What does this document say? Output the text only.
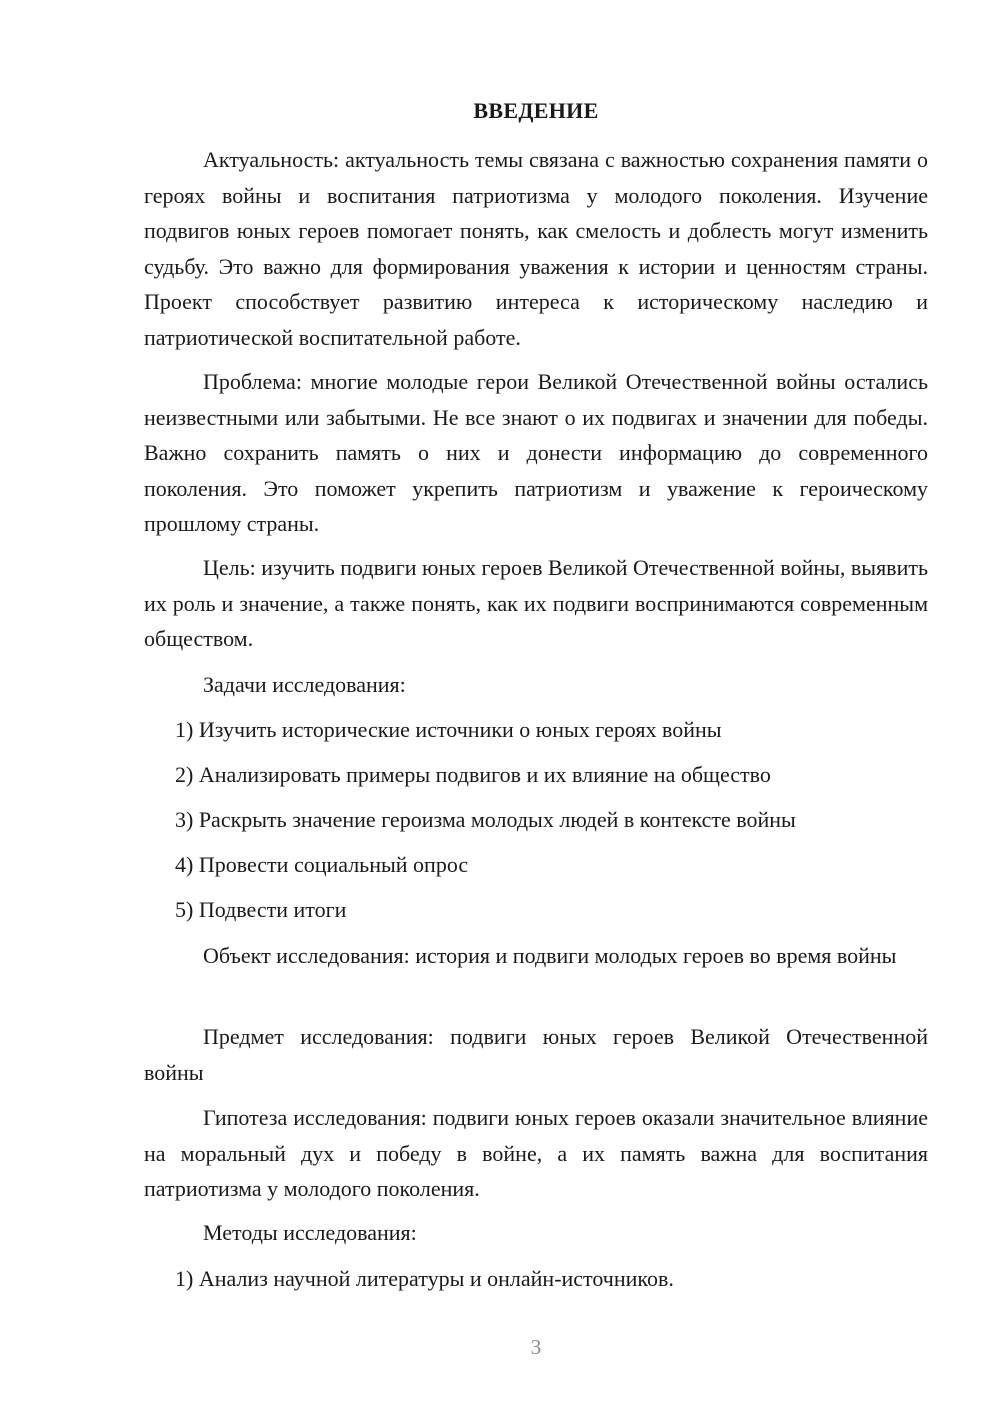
ВВЕДЕНИЕ
Актуальность: актуальность темы связана с важностью сохранения памяти о героях войны и воспитания патриотизма у молодого поколения. Изучение подвигов юных героев помогает понять, как смелость и доблесть могут изменить судьбу. Это важно для формирования уважения к истории и ценностям страны. Проект способствует развитию интереса к историческому наследию и патриотической воспитательной работе.
Проблема: многие молодые герои Великой Отечественной войны остались неизвестными или забытыми. Не все знают о их подвигах и значении для победы. Важно сохранить память о них и донести информацию до современного поколения. Это поможет укрепить патриотизм и уважение к героическому прошлому страны.
Цель: изучить подвиги юных героев Великой Отечественной войны, выявить их роль и значение, а также понять, как их подвиги воспринимаются современным обществом.
Задачи исследования:
1) Изучить исторические источники о юных героях войны
2) Анализировать примеры подвигов и их влияние на общество
3) Раскрыть значение героизма молодых людей в контексте войны
4) Провести социальный опрос
5) Подвести итоги
Объект исследования: история и подвиги молодых героев во время войны
Предмет исследования: подвиги юных героев Великой Отечественной войны
Гипотеза исследования: подвиги юных героев оказали значительное влияние на моральный дух и победу в войне, а их память важна для воспитания патриотизма у молодого поколения.
Методы исследования:
1) Анализ научной литературы и онлайн-источников.
3
